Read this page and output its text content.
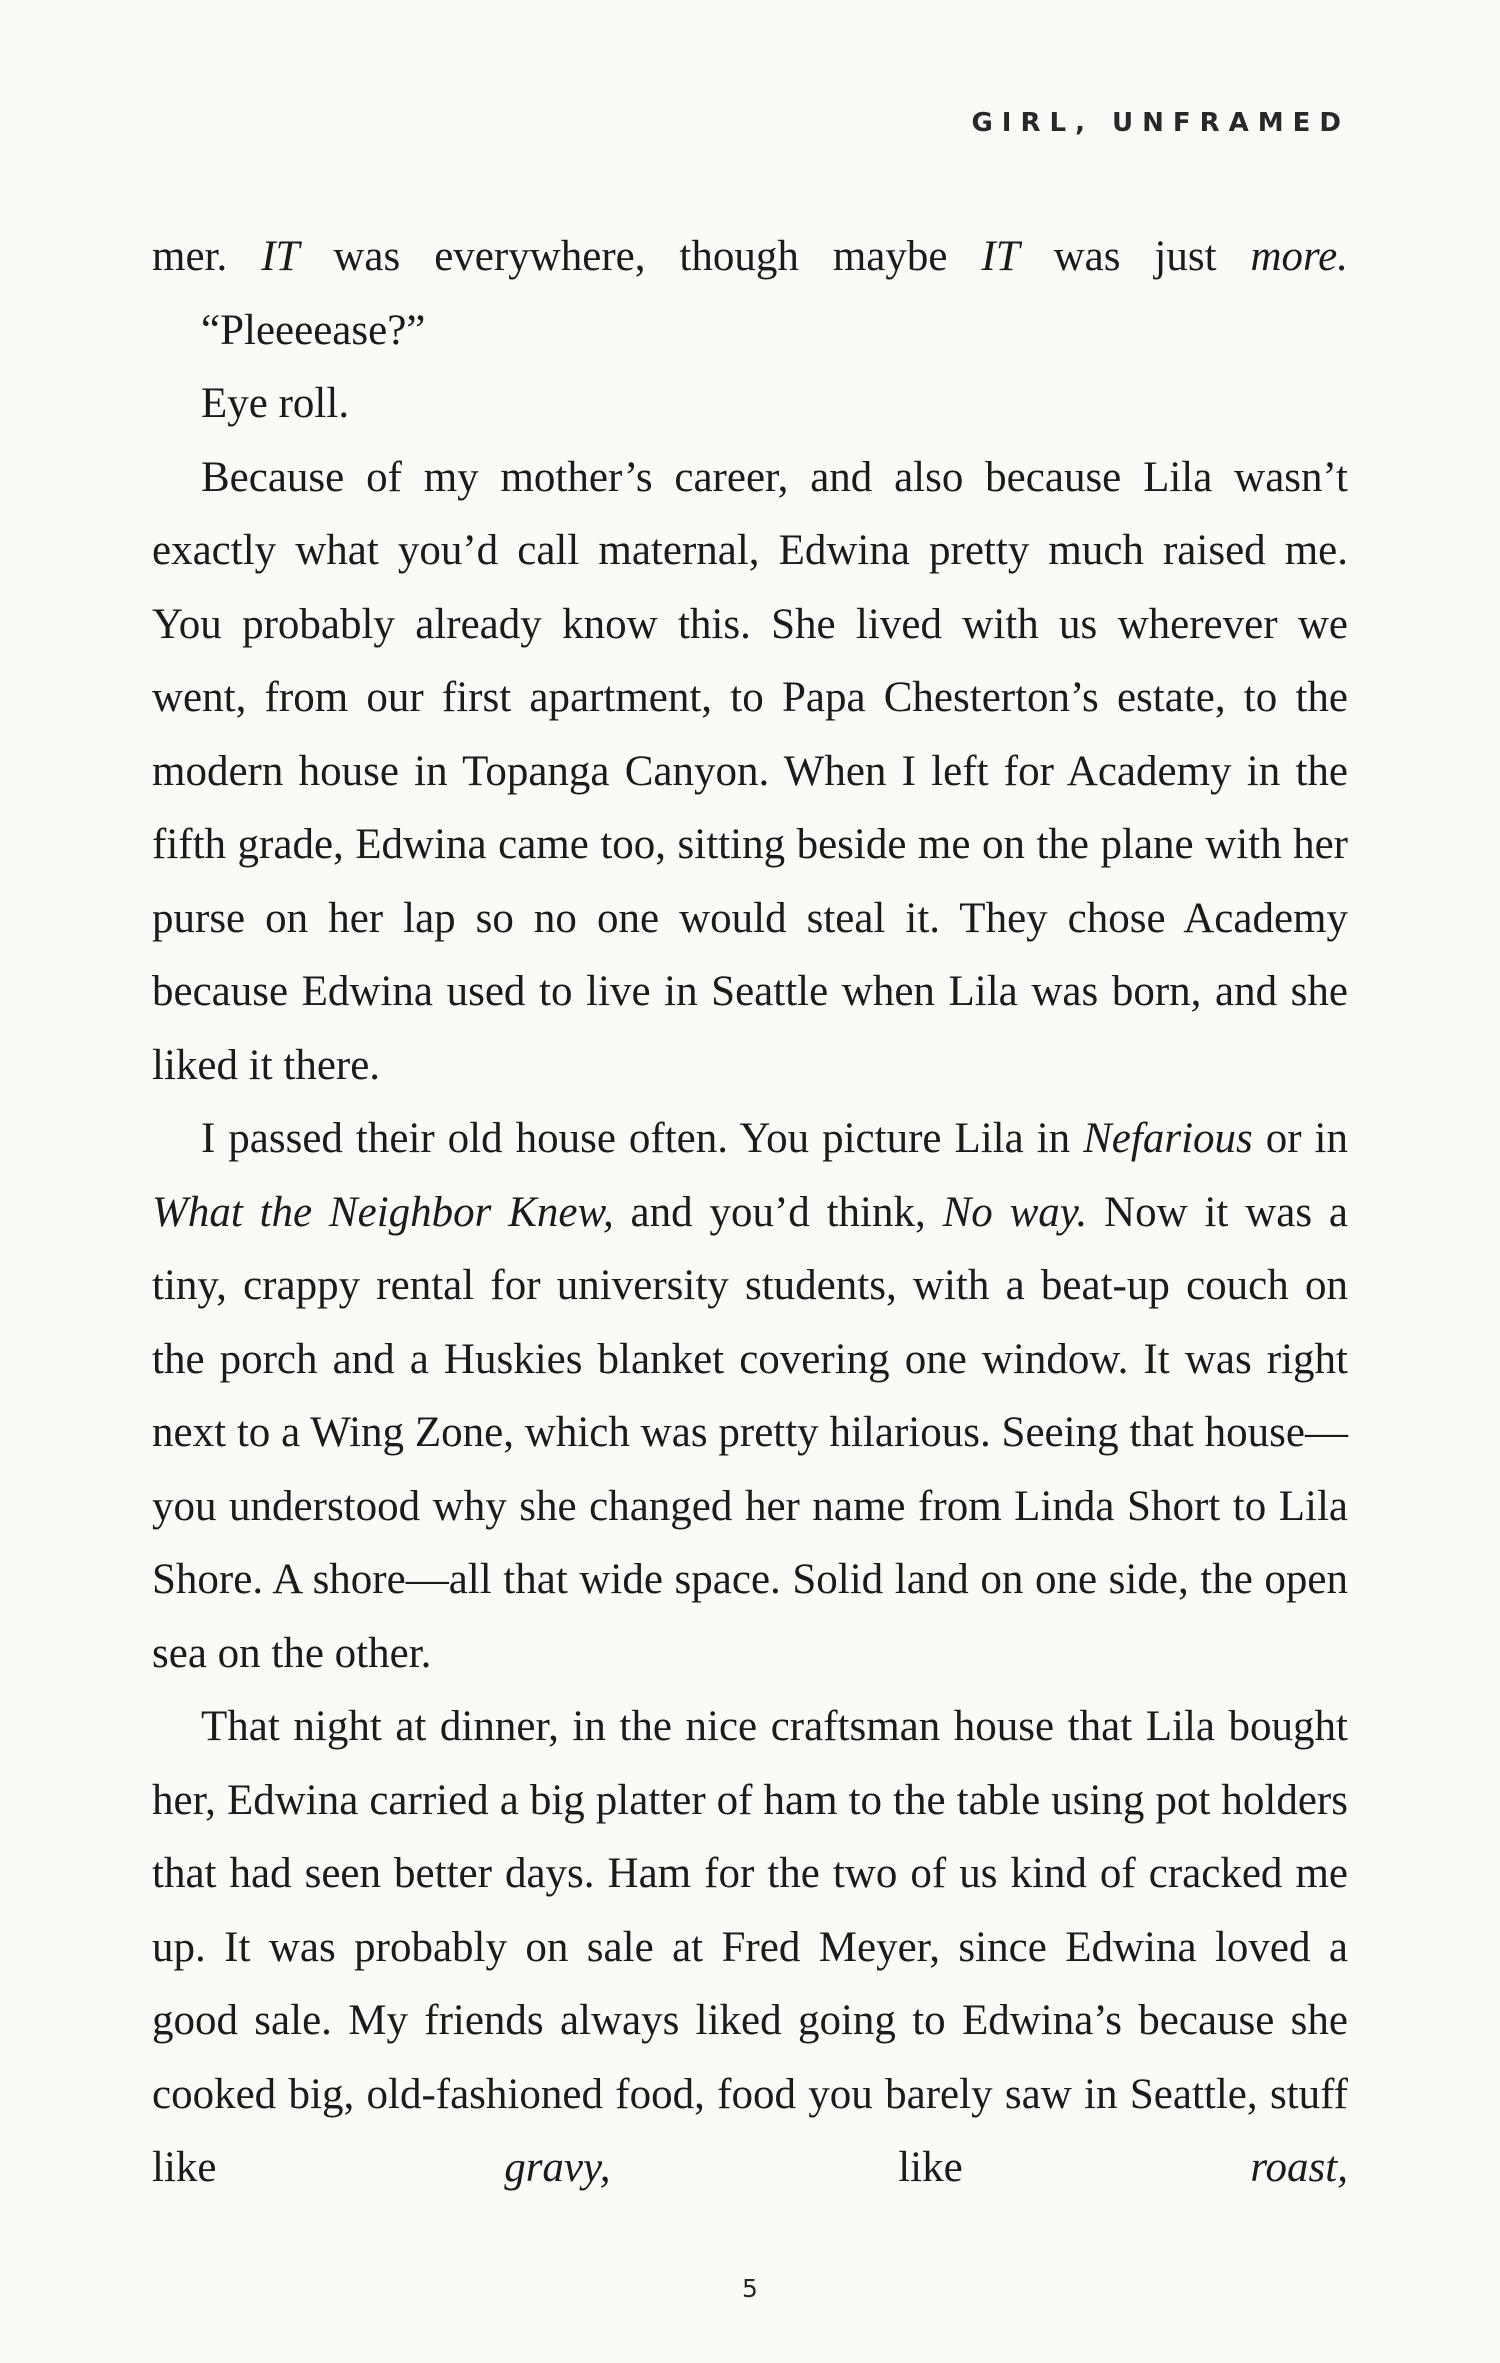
GIRL, UNFRAMED

mer. IT was everywhere, though maybe IT was just more.

“Pleeeease?”

Eye roll.

Because of my mother’s career, and also because Lila wasn’t exactly what you’d call maternal, Edwina pretty much raised me. You probably already know this. She lived with us wherever we went, from our first apartment, to Papa Chesterton’s estate, to the modern house in Topanga Canyon. When I left for Academy in the fifth grade, Edwina came too, sitting beside me on the plane with her purse on her lap so no one would steal it. They chose Academy because Edwina used to live in Seattle when Lila was born, and she liked it there.

I passed their old house often. You picture Lila in Nefarious or in What the Neighbor Knew, and you’d think, No way. Now it was a tiny, crappy rental for university students, with a beat-up couch on the porch and a Huskies blanket covering one window. It was right next to a Wing Zone, which was pretty hilarious. Seeing that house—you understood why she changed her name from Linda Short to Lila Shore. A shore—all that wide space. Solid land on one side, the open sea on the other.

That night at dinner, in the nice craftsman house that Lila bought her, Edwina carried a big platter of ham to the table using pot holders that had seen better days. Ham for the two of us kind of cracked me up. It was probably on sale at Fred Meyer, since Edwina loved a good sale. My friends always liked going to Edwina’s because she cooked big, old-fashioned food, food you barely saw in Seattle, stuff like gravy, like roast,

5
